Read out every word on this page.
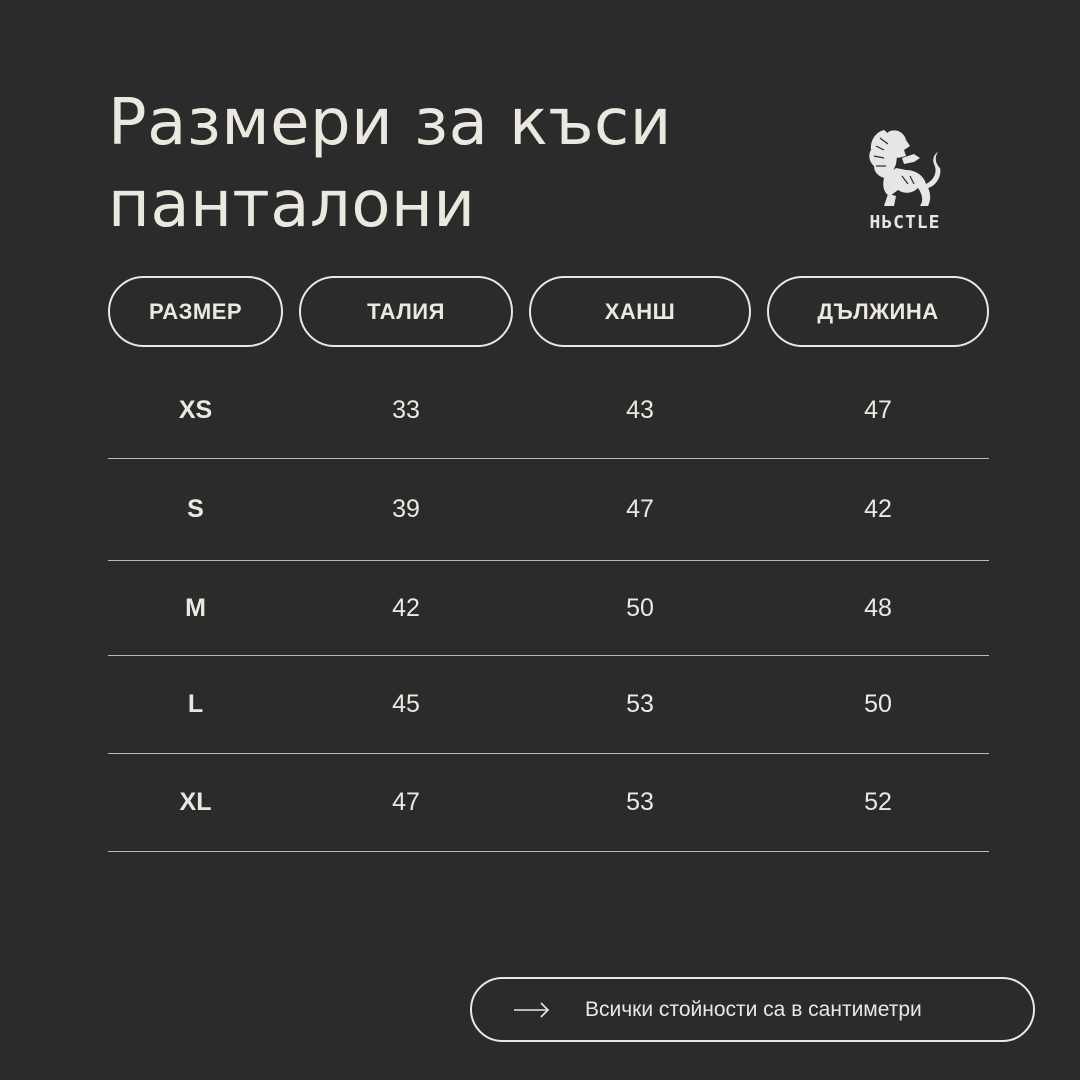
Размери за къси
панталони	HЬCTLE
РАЗМЕР	ТАЛИЯ	ХАНШ	ДЪЛЖИНА
XS	33	43	47
S	39	47	42
M	42	50	48
L	45	53	50
XL	47	53	52
Всички стойности са в сантиметри
